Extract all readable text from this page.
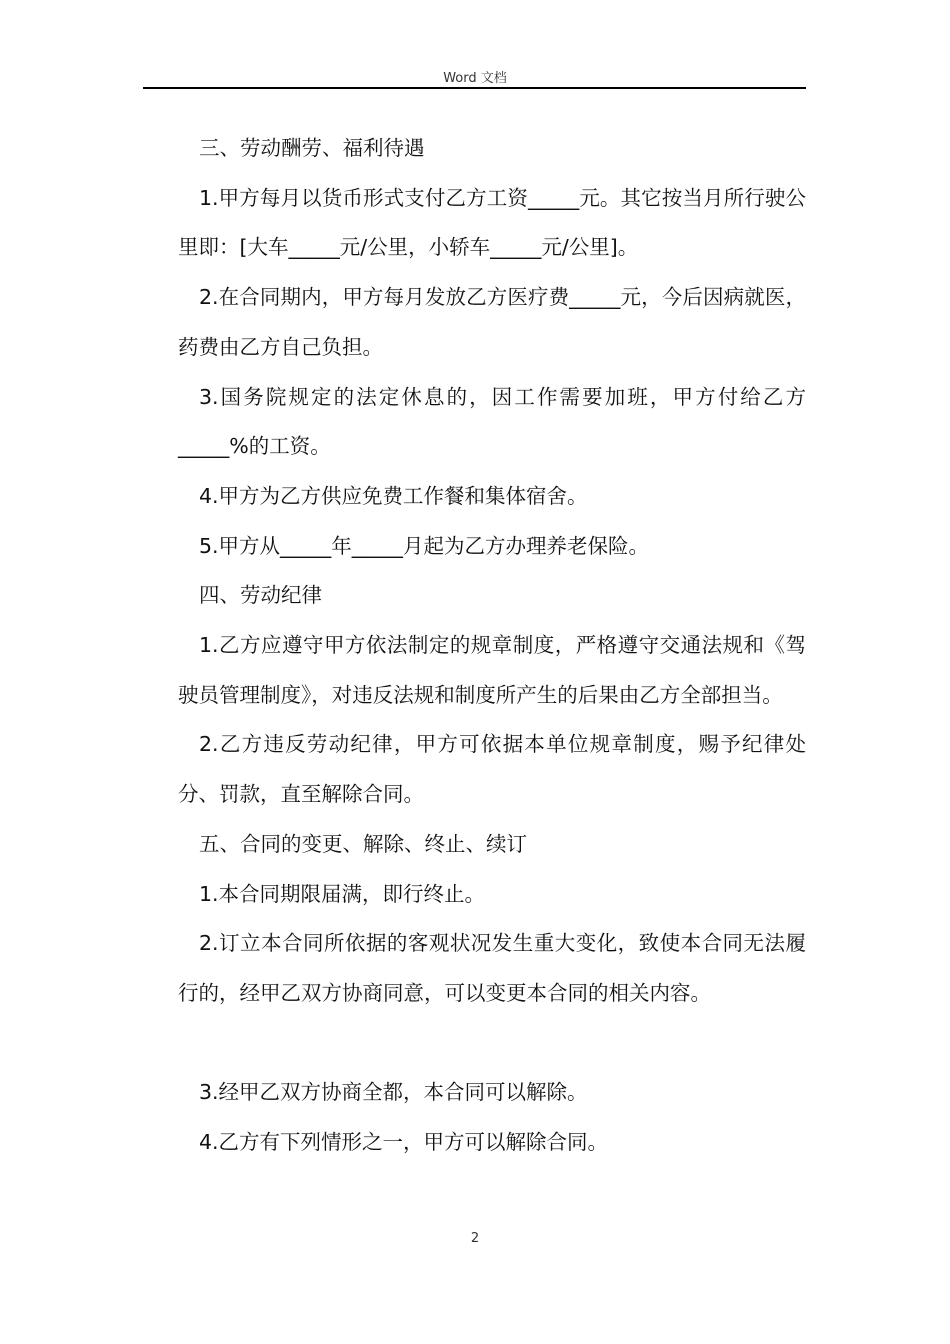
Word 文档

三、劳动酬劳、福利待遇

1.甲方每月以货币形式支付乙方工资_____元。其它按当月所行驶公里即：[大车_____元/公里，小轿车_____元/公里]。

2.在合同期内，甲方每月发放乙方医疗费_____元，今后因病就医，药费由乙方自己负担。

3.国务院规定的法定休息的，因工作需要加班，甲方付给乙方_____%的工资。

4.甲方为乙方供应免费工作餐和集体宿舍。

5.甲方从_____年_____月起为乙方办理养老保险。

四、劳动纪律

1.乙方应遵守甲方依法制定的规章制度，严格遵守交通法规和《驾驶员管理制度》，对违反法规和制度所产生的后果由乙方全部担当。

2.乙方违反劳动纪律，甲方可依据本单位规章制度，赐予纪律处分、罚款，直至解除合同。

五、合同的变更、解除、终止、续订

1.本合同期限届满，即行终止。

2.订立本合同所依据的客观状况发生重大变化，致使本合同无法履行的，经甲乙双方协商同意，可以变更本合同的相关内容。

3.经甲乙双方协商全都，本合同可以解除。

4.乙方有下列情形之一，甲方可以解除合同。

2
